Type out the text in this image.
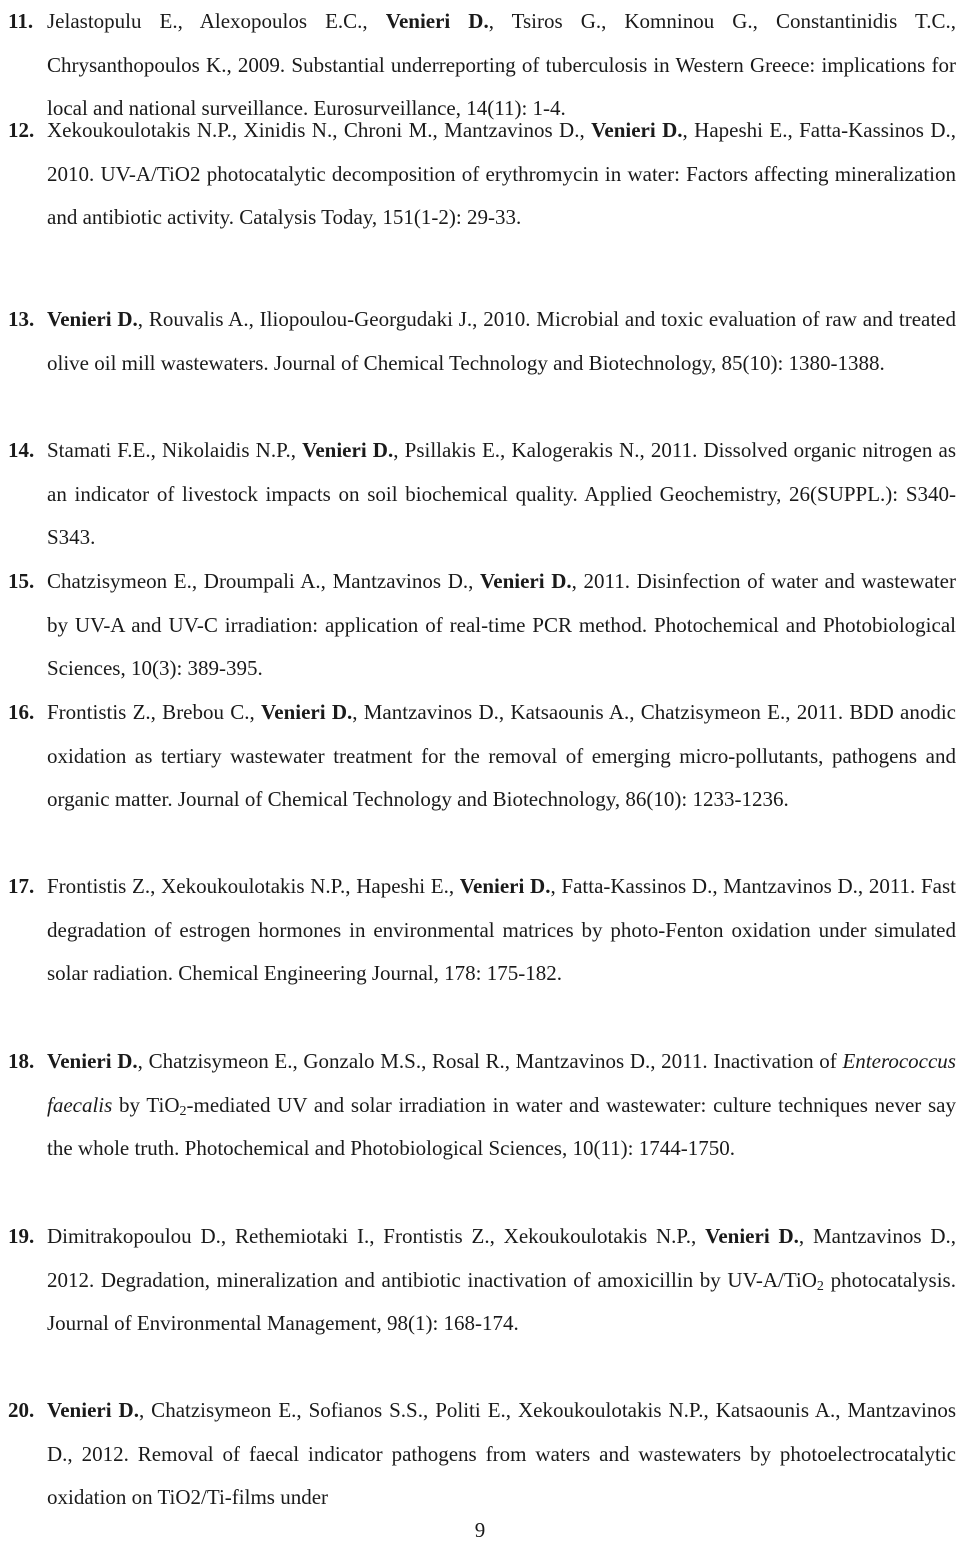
11. Jelastopulu E., Alexopoulos E.C., Venieri D., Tsiros G., Komninou G., Constantinidis T.C., Chrysanthopoulos K., 2009. Substantial underreporting of tuberculosis in Western Greece: implications for local and national surveillance. Eurosurveillance, 14(11): 1-4.
12. Xekoukoulotakis N.P., Xinidis N., Chroni M., Mantzavinos D., Venieri D., Hapeshi E., Fatta-Kassinos D., 2010. UV-A/TiO2 photocatalytic decomposition of erythromycin in water: Factors affecting mineralization and antibiotic activity. Catalysis Today, 151(1-2): 29-33.
13. Venieri D., Rouvalis A., Iliopoulou-Georgudaki J., 2010. Microbial and toxic evaluation of raw and treated olive oil mill wastewaters. Journal of Chemical Technology and Biotechnology, 85(10): 1380-1388.
14. Stamati F.E., Nikolaidis N.P., Venieri D., Psillakis E., Kalogerakis N., 2011. Dissolved organic nitrogen as an indicator of livestock impacts on soil biochemical quality. Applied Geochemistry, 26(SUPPL.): S340-S343.
15. Chatzisymeon E., Droumpali A., Mantzavinos D., Venieri D., 2011. Disinfection of water and wastewater by UV-A and UV-C irradiation: application of real-time PCR method. Photochemical and Photobiological Sciences, 10(3): 389-395.
16. Frontistis Z., Brebou C., Venieri D., Mantzavinos D., Katsaounis A., Chatzisymeon E., 2011. BDD anodic oxidation as tertiary wastewater treatment for the removal of emerging micro-pollutants, pathogens and organic matter. Journal of Chemical Technology and Biotechnology, 86(10): 1233-1236.
17. Frontistis Z., Xekoukoulotakis N.P., Hapeshi E., Venieri D., Fatta-Kassinos D., Mantzavinos D., 2011. Fast degradation of estrogen hormones in environmental matrices by photo-Fenton oxidation under simulated solar radiation. Chemical Engineering Journal, 178: 175-182.
18. Venieri D., Chatzisymeon E., Gonzalo M.S., Rosal R., Mantzavinos D., 2011. Inactivation of Enterococcus faecalis by TiO$_2$-mediated UV and solar irradiation in water and wastewater: culture techniques never say the whole truth. Photochemical and Photobiological Sciences, 10(11): 1744-1750.
19. Dimitrakopoulou D., Rethemiotaki I., Frontistis Z., Xekoukoulotakis N.P., Venieri D., Mantzavinos D., 2012. Degradation, mineralization and antibiotic inactivation of amoxicillin by UV-A/TiO$_2$ photocatalysis. Journal of Environmental Management, 98(1): 168-174.
20. Venieri D., Chatzisymeon E., Sofianos S.S., Politi E., Xekoukoulotakis N.P., Katsaounis A., Mantzavinos D., 2012. Removal of faecal indicator pathogens from waters and wastewaters by photoelectrocatalytic oxidation on TiO2/Ti-films under
9
